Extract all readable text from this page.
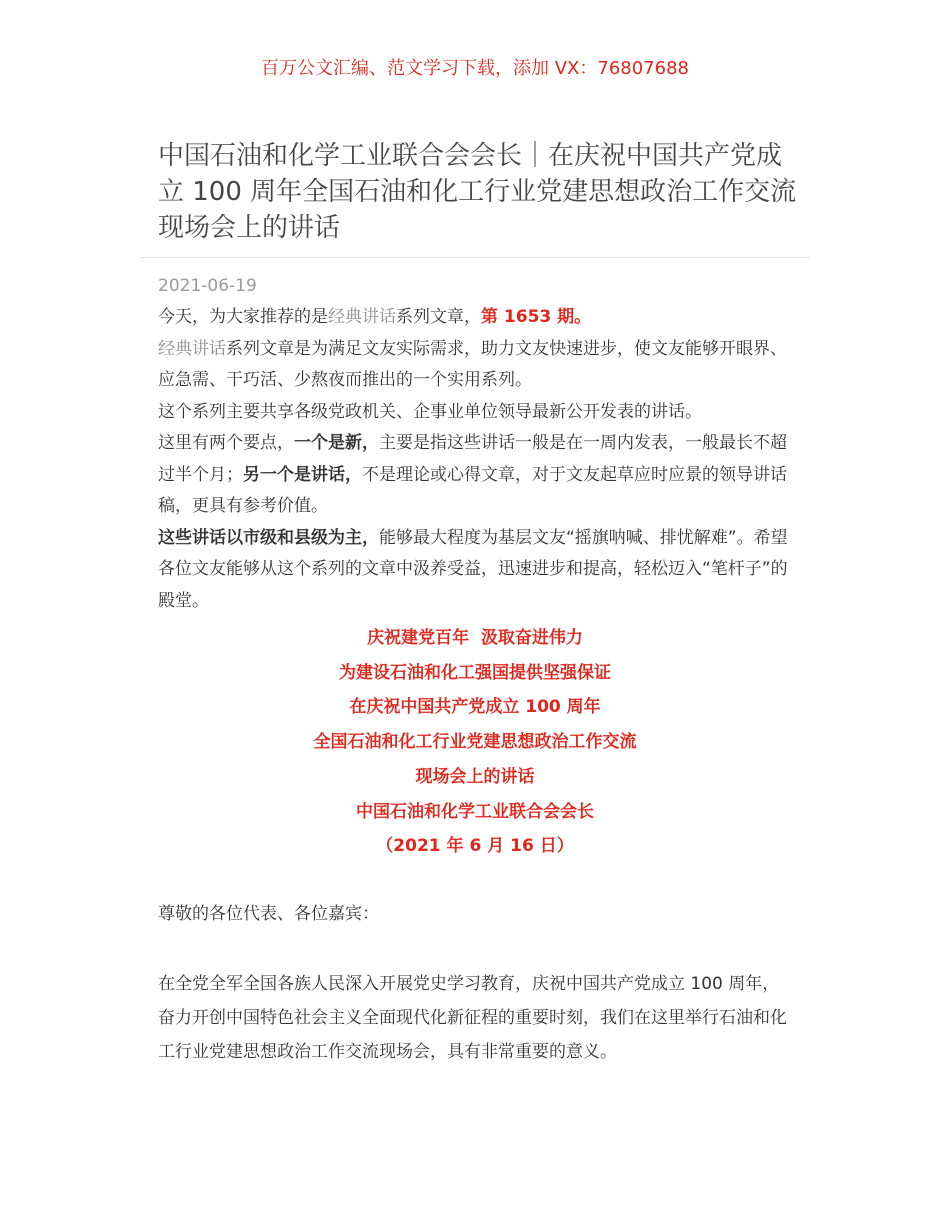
百万公文汇编、范文学习下载，添加 VX：76807688
中国石油和化学工业联合会会长｜在庆祝中国共产党成立 100 周年全国石油和化工行业党建思想政治工作交流现场会上的讲话
2021-06-19

今天，为大家推荐的是经典讲话系列文章，第 1653 期。

经典讲话系列文章是为满足文友实际需求，助力文友快速进步，使文友能够开眼界、应急需、干巧活、少熬夜而推出的一个实用系列。

这个系列主要共享各级党政机关、企事业单位领导最新公开发表的讲话。

这里有两个要点，一个是新，主要是指这些讲话一般是在一周内发表，一般最长不超过半个月；另一个是讲话，不是理论或心得文章，对于文友起草应时应景的领导讲话稿，更具有参考价值。

这些讲话以市级和县级为主，能够最大程度为基层文友“摇旗呐喊、排忧解难”。希望各位文友能够从这个系列的文章中汲养受益，迅速进步和提高，轻松迈入“笔杆子”的殿堂。

庆祝建党百年  汲取奋进伟力
为建设石油和化工强国提供坚强保证
在庆祝中国共产党成立 100 周年
全国石油和化工行业党建思想政治工作交流
现场会上的讲话
中国石油和化学工业联合会会长
（2021 年 6 月 16 日）

尊敬的各位代表、各位嘉宾：

在全党全军全国各族人民深入开展党史学习教育，庆祝中国共产党成立 100 周年，奋力开创中国特色社会主义全面现代化新征程的重要时刻，我们在这里举行石油和化工行业党建思想政治工作交流现场会，具有非常重要的意义。
